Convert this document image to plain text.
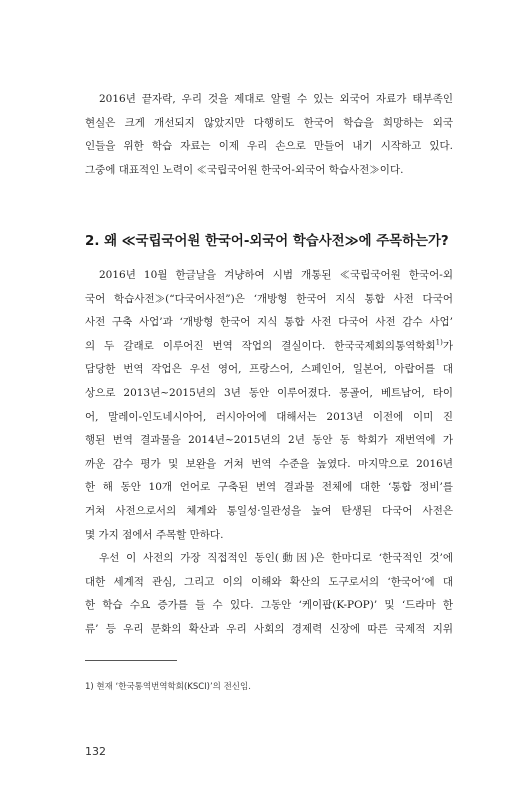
2016년 끝자락, 우리 것을 제대로 알릴 수 있는 외국어 자료가 태부족인
현실은 크게 개선되지 않았지만 다행히도 한국어 학습을 희망하는 외국
인들을 위한 학습 자료는 이제 우리 손으로 만들어 내기 시작하고 있다.
그중에 대표적인 노력이 ≪국립국어원 한국어-외국어 학습사전≫이다.

2. 왜 ≪국립국어원 한국어-외국어 학습사전≫에 주목하는가?

2016년 10월 한글날을 겨냥하여 시범 개통된 ≪국립국어원 한국어-외
국어 학습사전≫(“다국어사전”)은 ‘개방형 한국어 지식 통합 사전 다국어
사전 구축 사업’과 ‘개방형 한국어 지식 통합 사전 다국어 사전 감수 사업’
의 두 갈래로 이루어진 번역 작업의 결실이다. 한국국제회의통역학회$^{1)}$가
담당한 번역 작업은 우선 영어, 프랑스어, 스페인어, 일본어, 아랍어를 대
상으로 2013년~2015년의 3년 동안 이루어졌다. 몽골어, 베트남어, 타이
어, 말레이-인도네시아어, 러시아어에 대해서는 2013년 이전에 이미 진
행된 번역 결과물을 2014년~2015년의 2년 동안 동 학회가 재번역에 가
까운 감수 평가 및 보완을 거쳐 번역 수준을 높였다. 마지막으로 2016년
한 해 동안 10개 언어로 구축된 번역 결과물 전체에 대한 ‘통합 정비’를
거쳐 사전으로서의 체계와 통일성·일관성을 높여 탄생된 다국어 사전은
몇 가지 점에서 주목할 만하다.

우선 이 사전의 가장 직접적인 동인(動因)은 한마디로 ‘한국적인 것’에
대한 세계적 관심, 그리고 이의 이해와 확산의 도구로서의 ‘한국어’에 대
한 학습 수요 증가를 들 수 있다. 그동안 ‘케이팝(K-POP)’ 및 ‘드라마 한
류’ 등 우리 문화의 확산과 우리 사회의 경제력 신장에 따른 국제적 지위

1) 현재 ‘한국통역번역학회(KSCI)’의 전신임.

132
